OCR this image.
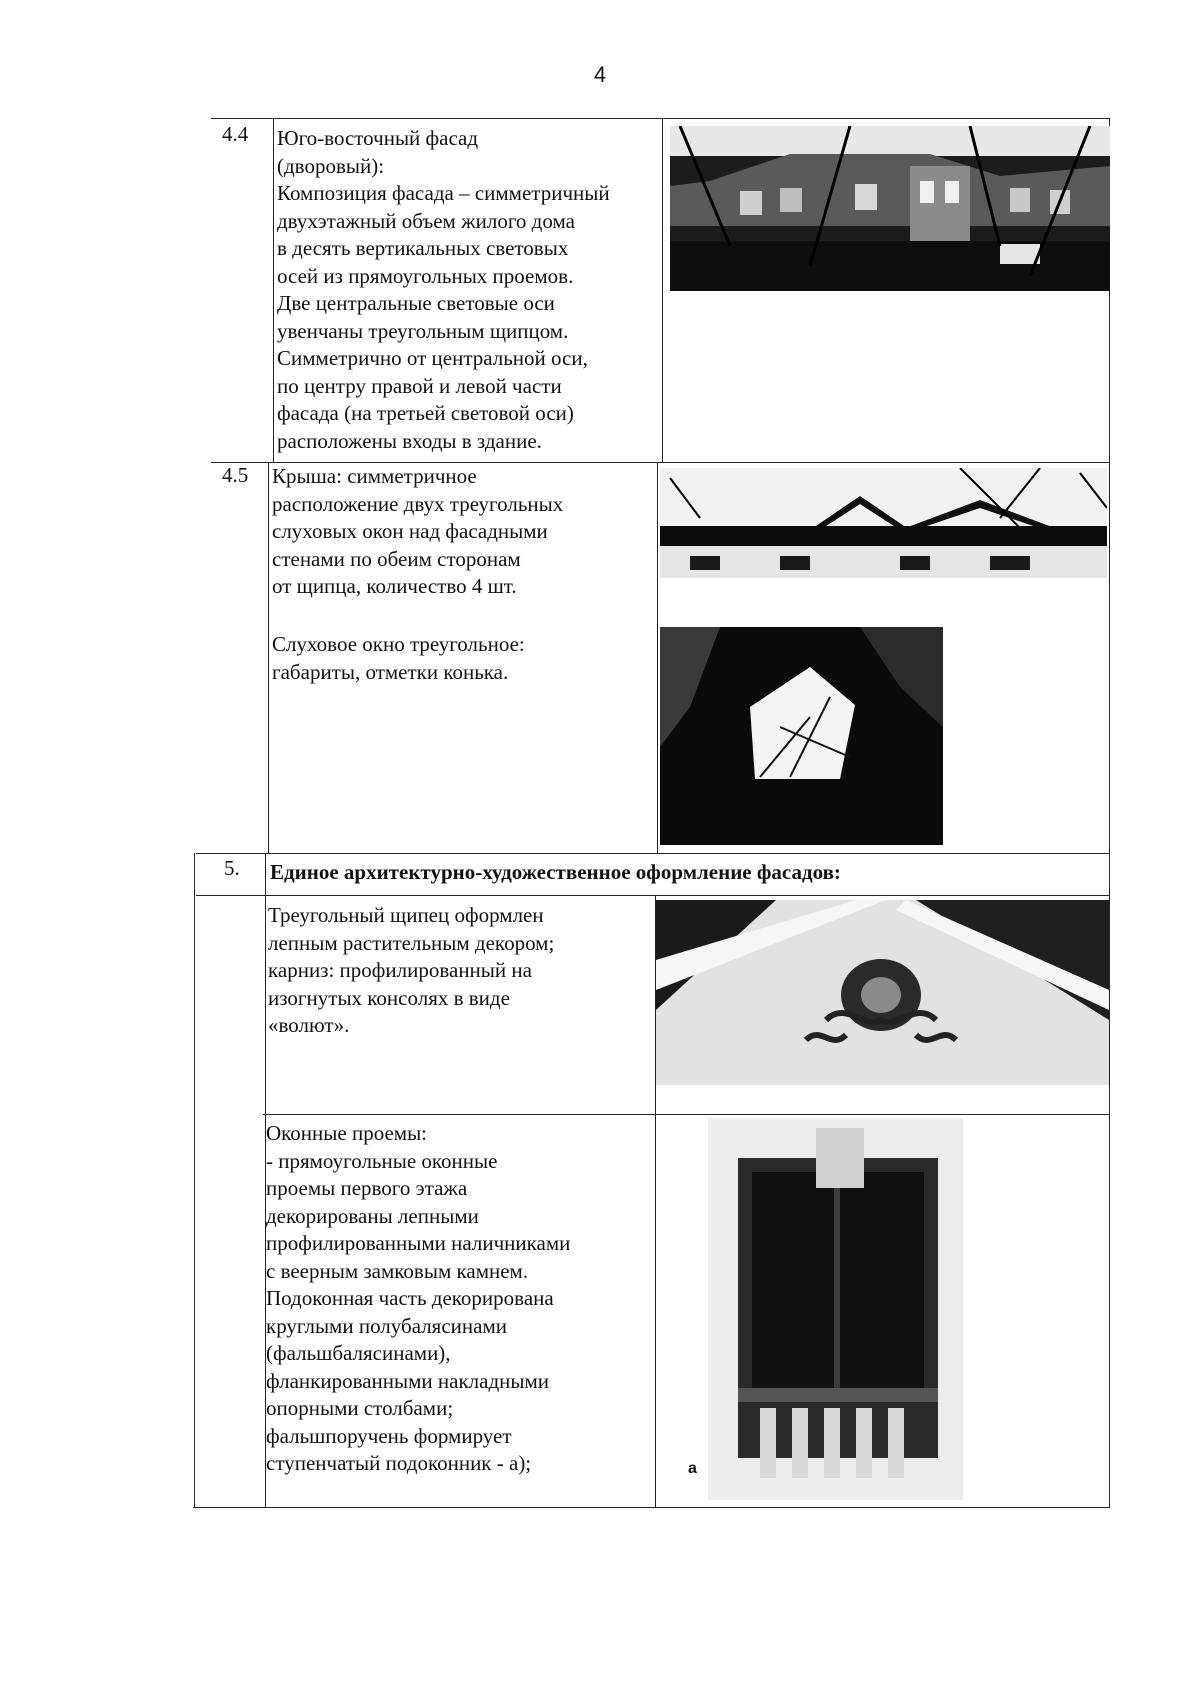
4
4.4 Юго-восточный фасад
(дворовый):
Композиция фасада – симметричный
двухэтажный объем жилого дома
в десять вертикальных световых
осей из прямоугольных проемов.
Две центральные световые оси
увенчаны треугольным щипцом.
Симметрично от центральной оси,
по центру правой и левой части
фасада (на третьей световой оси)
расположены входы в здание.
4.5 Крыша: симметричное
расположение двух треугольных
слуховых окон над фасадными
стенами по обеим сторонам
от щипца, количество 4 шт.
Слуховое окно треугольное:
габариты, отметки конька.
5. Единое архитектурно-художественное оформление фасадов:
Треугольный щипец оформлен
лепным растительным декором;
карниз: профилированный на
изогнутых консолях в виде
«волют».
Оконные проемы:
- прямоугольные оконные
проемы первого этажа
декорированы лепными
профилированными наличниками
с веерным замковым камнем.
Подоконная часть декорирована
круглыми полубалясинами
(фальшбалясинами),
фланкированными накладными
опорными столбами;
фальшпоручень формирует
ступенчатый подоконник - а);	а
